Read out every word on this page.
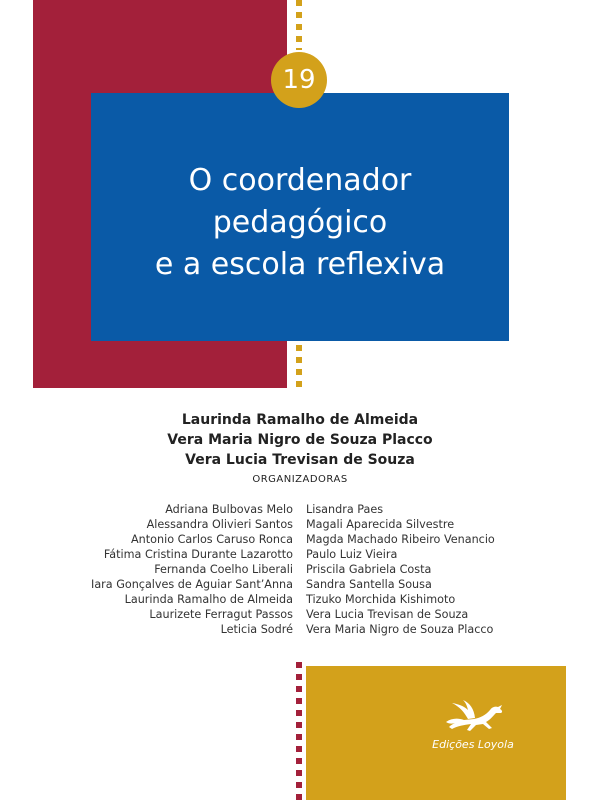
19
O coordenador
pedagógico
e a escola reflexiva
Laurinda Ramalho de Almeida
Vera Maria Nigro de Souza Placco
Vera Lucia Trevisan de Souza
ORGANIZADORAS
Adriana Bulbovas Melo
Alessandra Olivieri Santos
Antonio Carlos Caruso Ronca
Fátima Cristina Durante Lazarotto
Fernanda Coelho Liberali
Iara Gonçalves de Aguiar Sant’Anna
Laurinda Ramalho de Almeida
Laurizete Ferragut Passos
Leticia Sodré
Lisandra Paes
Magali Aparecida Silvestre
Magda Machado Ribeiro Venancio
Paulo Luiz Vieira
Priscila Gabriela Costa
Sandra Santella Sousa
Tizuko Morchida Kishimoto
Vera Lucia Trevisan de Souza
Vera Maria Nigro de Souza Placco
Edições Loyola
